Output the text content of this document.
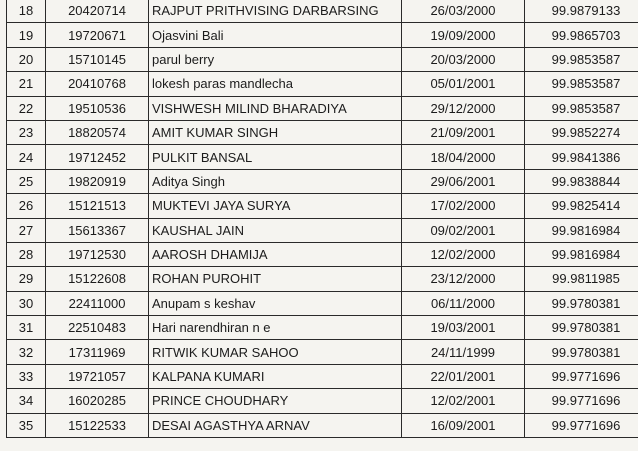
18	20420714	RAJPUT PRITHVISING DARBARSING	26/03/2000	99.9879133
19	19720671	Ojasvini Bali	19/09/2000	99.9865703
20	15710145	parul berry	20/03/2000	99.9853587
21	20410768	lokesh paras mandlecha	05/01/2001	99.9853587
22	19510536	VISHWESH MILIND BHARADIYA	29/12/2000	99.9853587
23	18820574	AMIT KUMAR SINGH	21/09/2001	99.9852274
24	19712452	PULKIT BANSAL	18/04/2000	99.9841386
25	19820919	Aditya Singh	29/06/2001	99.9838844
26	15121513	MUKTEVI JAYA SURYA	17/02/2000	99.9825414
27	15613367	KAUSHAL JAIN	09/02/2001	99.9816984
28	19712530	AAROSH DHAMIJA	12/02/2000	99.9816984
29	15122608	ROHAN PUROHIT	23/12/2000	99.9811985
30	22411000	Anupam s keshav	06/11/2000	99.9780381
31	22510483	Hari narendhiran n e	19/03/2001	99.9780381
32	17311969	RITWIK KUMAR SAHOO	24/11/1999	99.9780381
33	19721057	KALPANA KUMARI	22/01/2001	99.9771696
34	16020285	PRINCE CHOUDHARY	12/02/2001	99.9771696
35	15122533	DESAI AGASTHYA ARNAV	16/09/2001	99.9771696
